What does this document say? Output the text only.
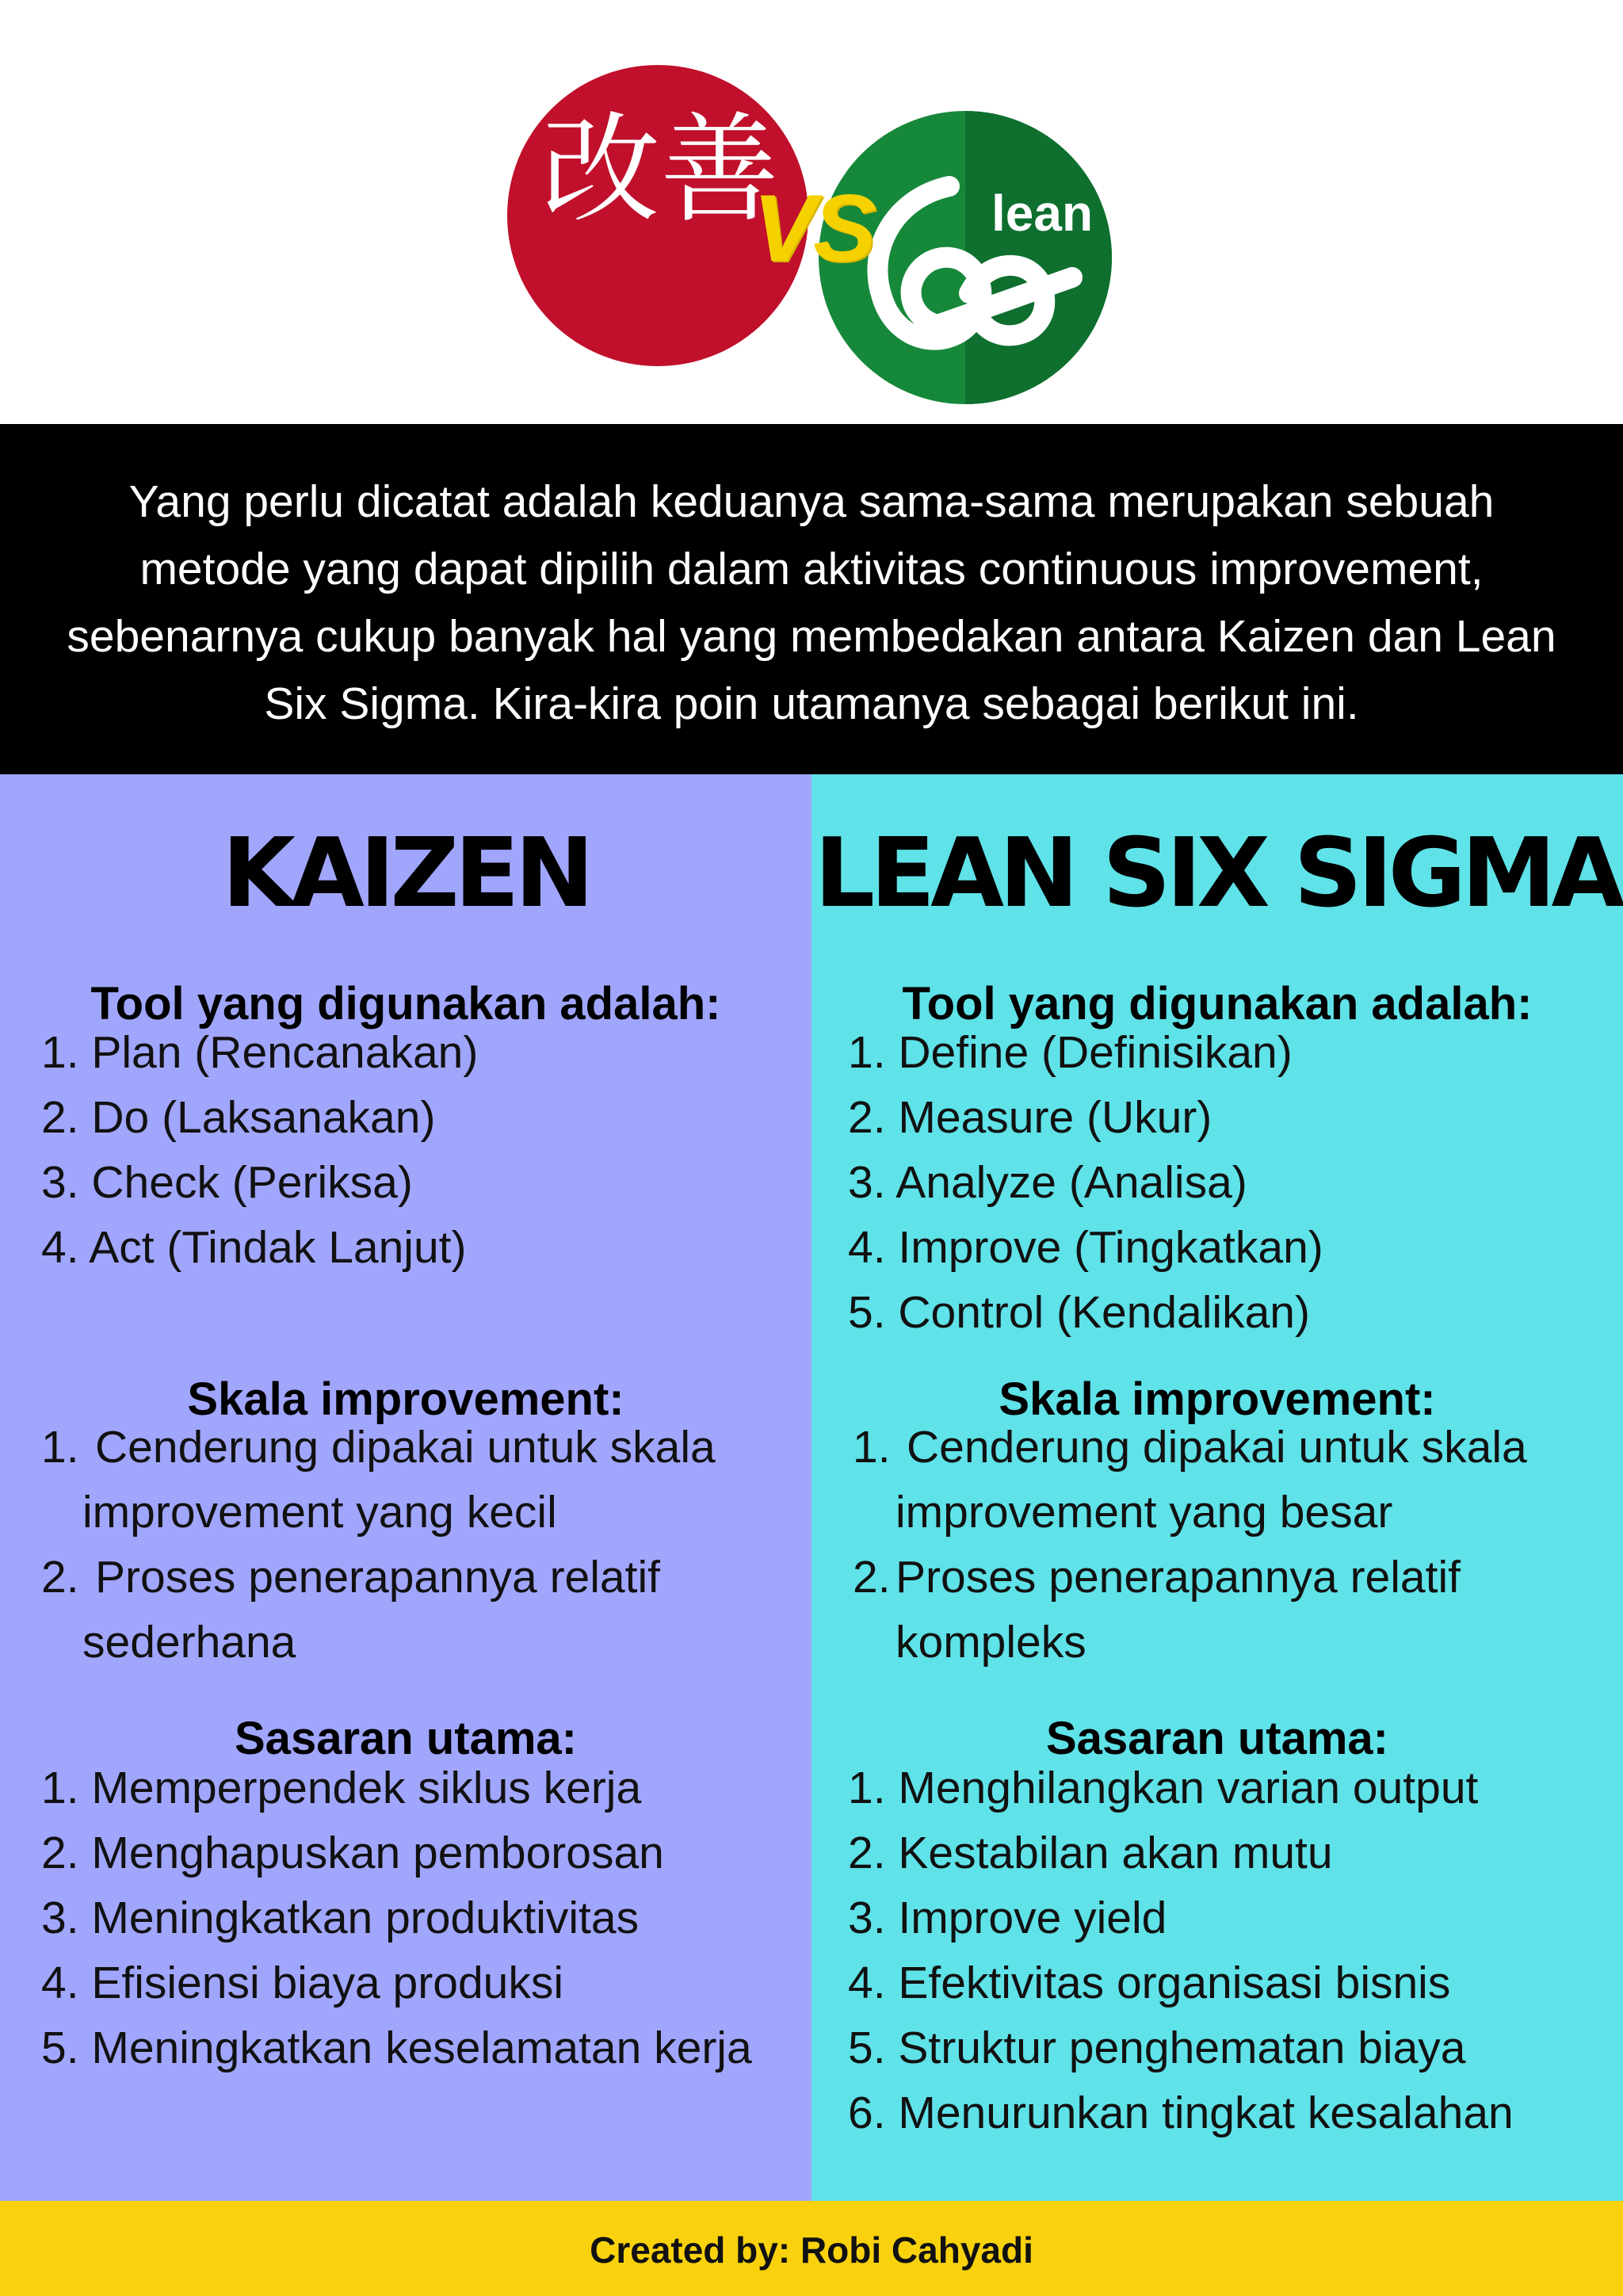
改善	lean
VS

Yang perlu dicatat adalah keduanya sama-sama merupakan sebuah metode yang dapat dipilih dalam aktivitas continuous improvement, sebenarnya cukup banyak hal yang membedakan antara Kaizen dan Lean Six Sigma. Kira-kira poin utamanya sebagai berikut ini.

KAIZEN
Tool yang digunakan adalah:
1. Plan (Rencanakan)
2. Do (Laksanakan)
3. Check (Periksa)
4. Act (Tindak Lanjut)
Skala improvement:
1. Cenderung dipakai untuk skala
improvement yang kecil
2. Proses penerapannya relatif
sederhana
Sasaran utama:
1. Memperpendek siklus kerja
2. Menghapuskan pemborosan
3. Meningkatkan produktivitas
4. Efisiensi biaya produksi
5. Meningkatkan keselamatan kerja
LEAN SIX SIGMA
Tool yang digunakan adalah:
1. Define (Definisikan)
2. Measure (Ukur)
3. Analyze (Analisa)
4. Improve (Tingkatkan)
5. Control (Kendalikan)
Skala improvement:
1. Cenderung dipakai untuk skala
improvement yang besar
2. Proses penerapannya relatif
kompleks
Sasaran utama:
1. Menghilangkan varian output
2. Kestabilan akan mutu
3. Improve yield
4. Efektivitas organisasi bisnis
5. Struktur penghematan biaya
6. Menurunkan tingkat kesalahan
Created by: Robi Cahyadi
